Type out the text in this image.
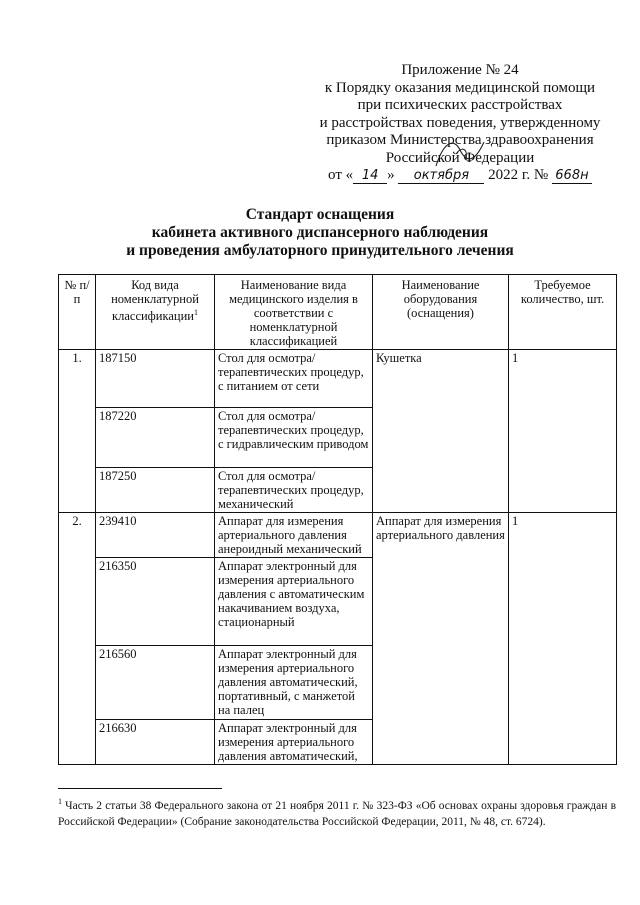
Приложение № 24
к Порядку оказания медицинской помощи
при психических расстройствах
и расстройствах поведения, утвержденному
приказом Министерства здравоохранения
Российской Федерации
от « 14 » октября 2022 г. № 668н
Стандарт оснащения
кабинета активного диспансерного наблюдения
и проведения амбулаторного принудительного лечения
№ п/п	Код вида номенклатурной классификации$^1$	Наименование вида медицинского изделия в соответствии с номенклатурной классификацией	Наименование оборудования (оснащения)	Требуемое количество, шт.
1.	187150	Стол для осмотра/терапевтических процедур, с питанием от сети	Кушетка	1
	187220	Стол для осмотра/терапевтических процедур, с гидравлическим приводом		
	187250	Стол для осмотра/терапевтических процедур, механический		
2.	239410	Аппарат для измерения артериального давления анероидный механический	Аппарат для измерения артериального давления	1
	216350	Аппарат электронный для измерения артериального давления с автоматическим накачиванием воздуха, стационарный		
	216560	Аппарат электронный для измерения артериального давления автоматический, портативный, с манжетой на палец		
	216630	Аппарат электронный для измерения артериального давления автоматический,		
$^1$ Часть 2 статьи 38 Федерального закона от 21 ноября 2011 г. № 323-ФЗ «Об основах охраны здоровья граждан в Российской Федерации» (Собрание законодательства Российской Федерации, 2011, № 48, ст. 6724).
